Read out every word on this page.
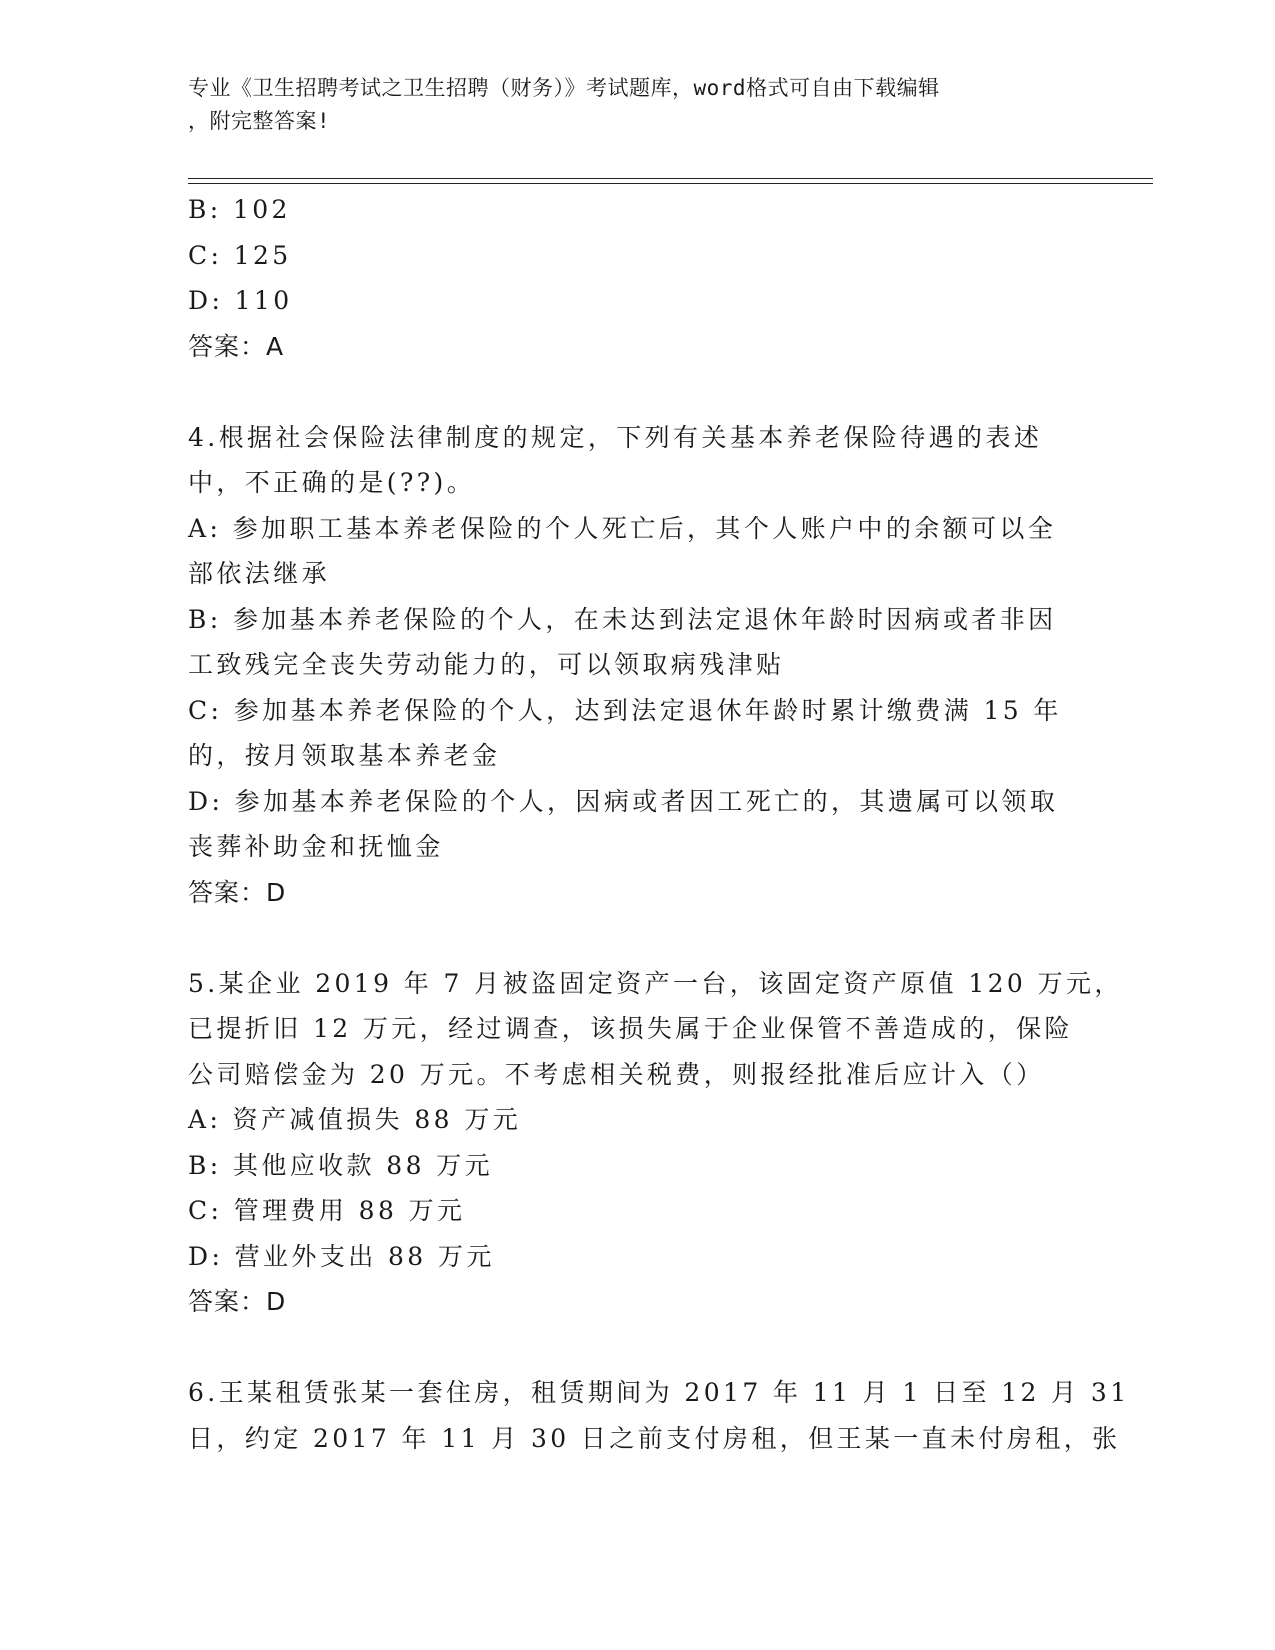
专业《卫生招聘考试之卫生招聘（财务）》考试题库，word格式可自由下载编辑
，附完整答案!
B: 102
C: 125
D: 110
答案：A
4.根据社会保险法律制度的规定，下列有关基本养老保险待遇的表述
中，不正确的是(??)。
A: 参加职工基本养老保险的个人死亡后，其个人账户中的余额可以全
部依法继承
B: 参加基本养老保险的个人，在未达到法定退休年龄时因病或者非因
工致残完全丧失劳动能力的，可以领取病残津贴
C: 参加基本养老保险的个人，达到法定退休年龄时累计缴费满 15 年
的，按月领取基本养老金
D: 参加基本养老保险的个人，因病或者因工死亡的，其遗属可以领取
丧葬补助金和抚恤金
答案：D
5.某企业 2019 年 7 月被盗固定资产一台，该固定资产原值 120 万元，
已提折旧 12 万元，经过调查，该损失属于企业保管不善造成的，保险
公司赔偿金为 20 万元。不考虑相关税费，则报经批准后应计入（）
A: 资产减值损失 88 万元
B: 其他应收款 88 万元
C: 管理费用 88 万元
D: 营业外支出 88 万元
答案：D
6.王某租赁张某一套住房，租赁期间为 2017 年 11 月 1 日至 12 月 31
日，约定 2017 年 11 月 30 日之前支付房租，但王某一直未付房租，张
